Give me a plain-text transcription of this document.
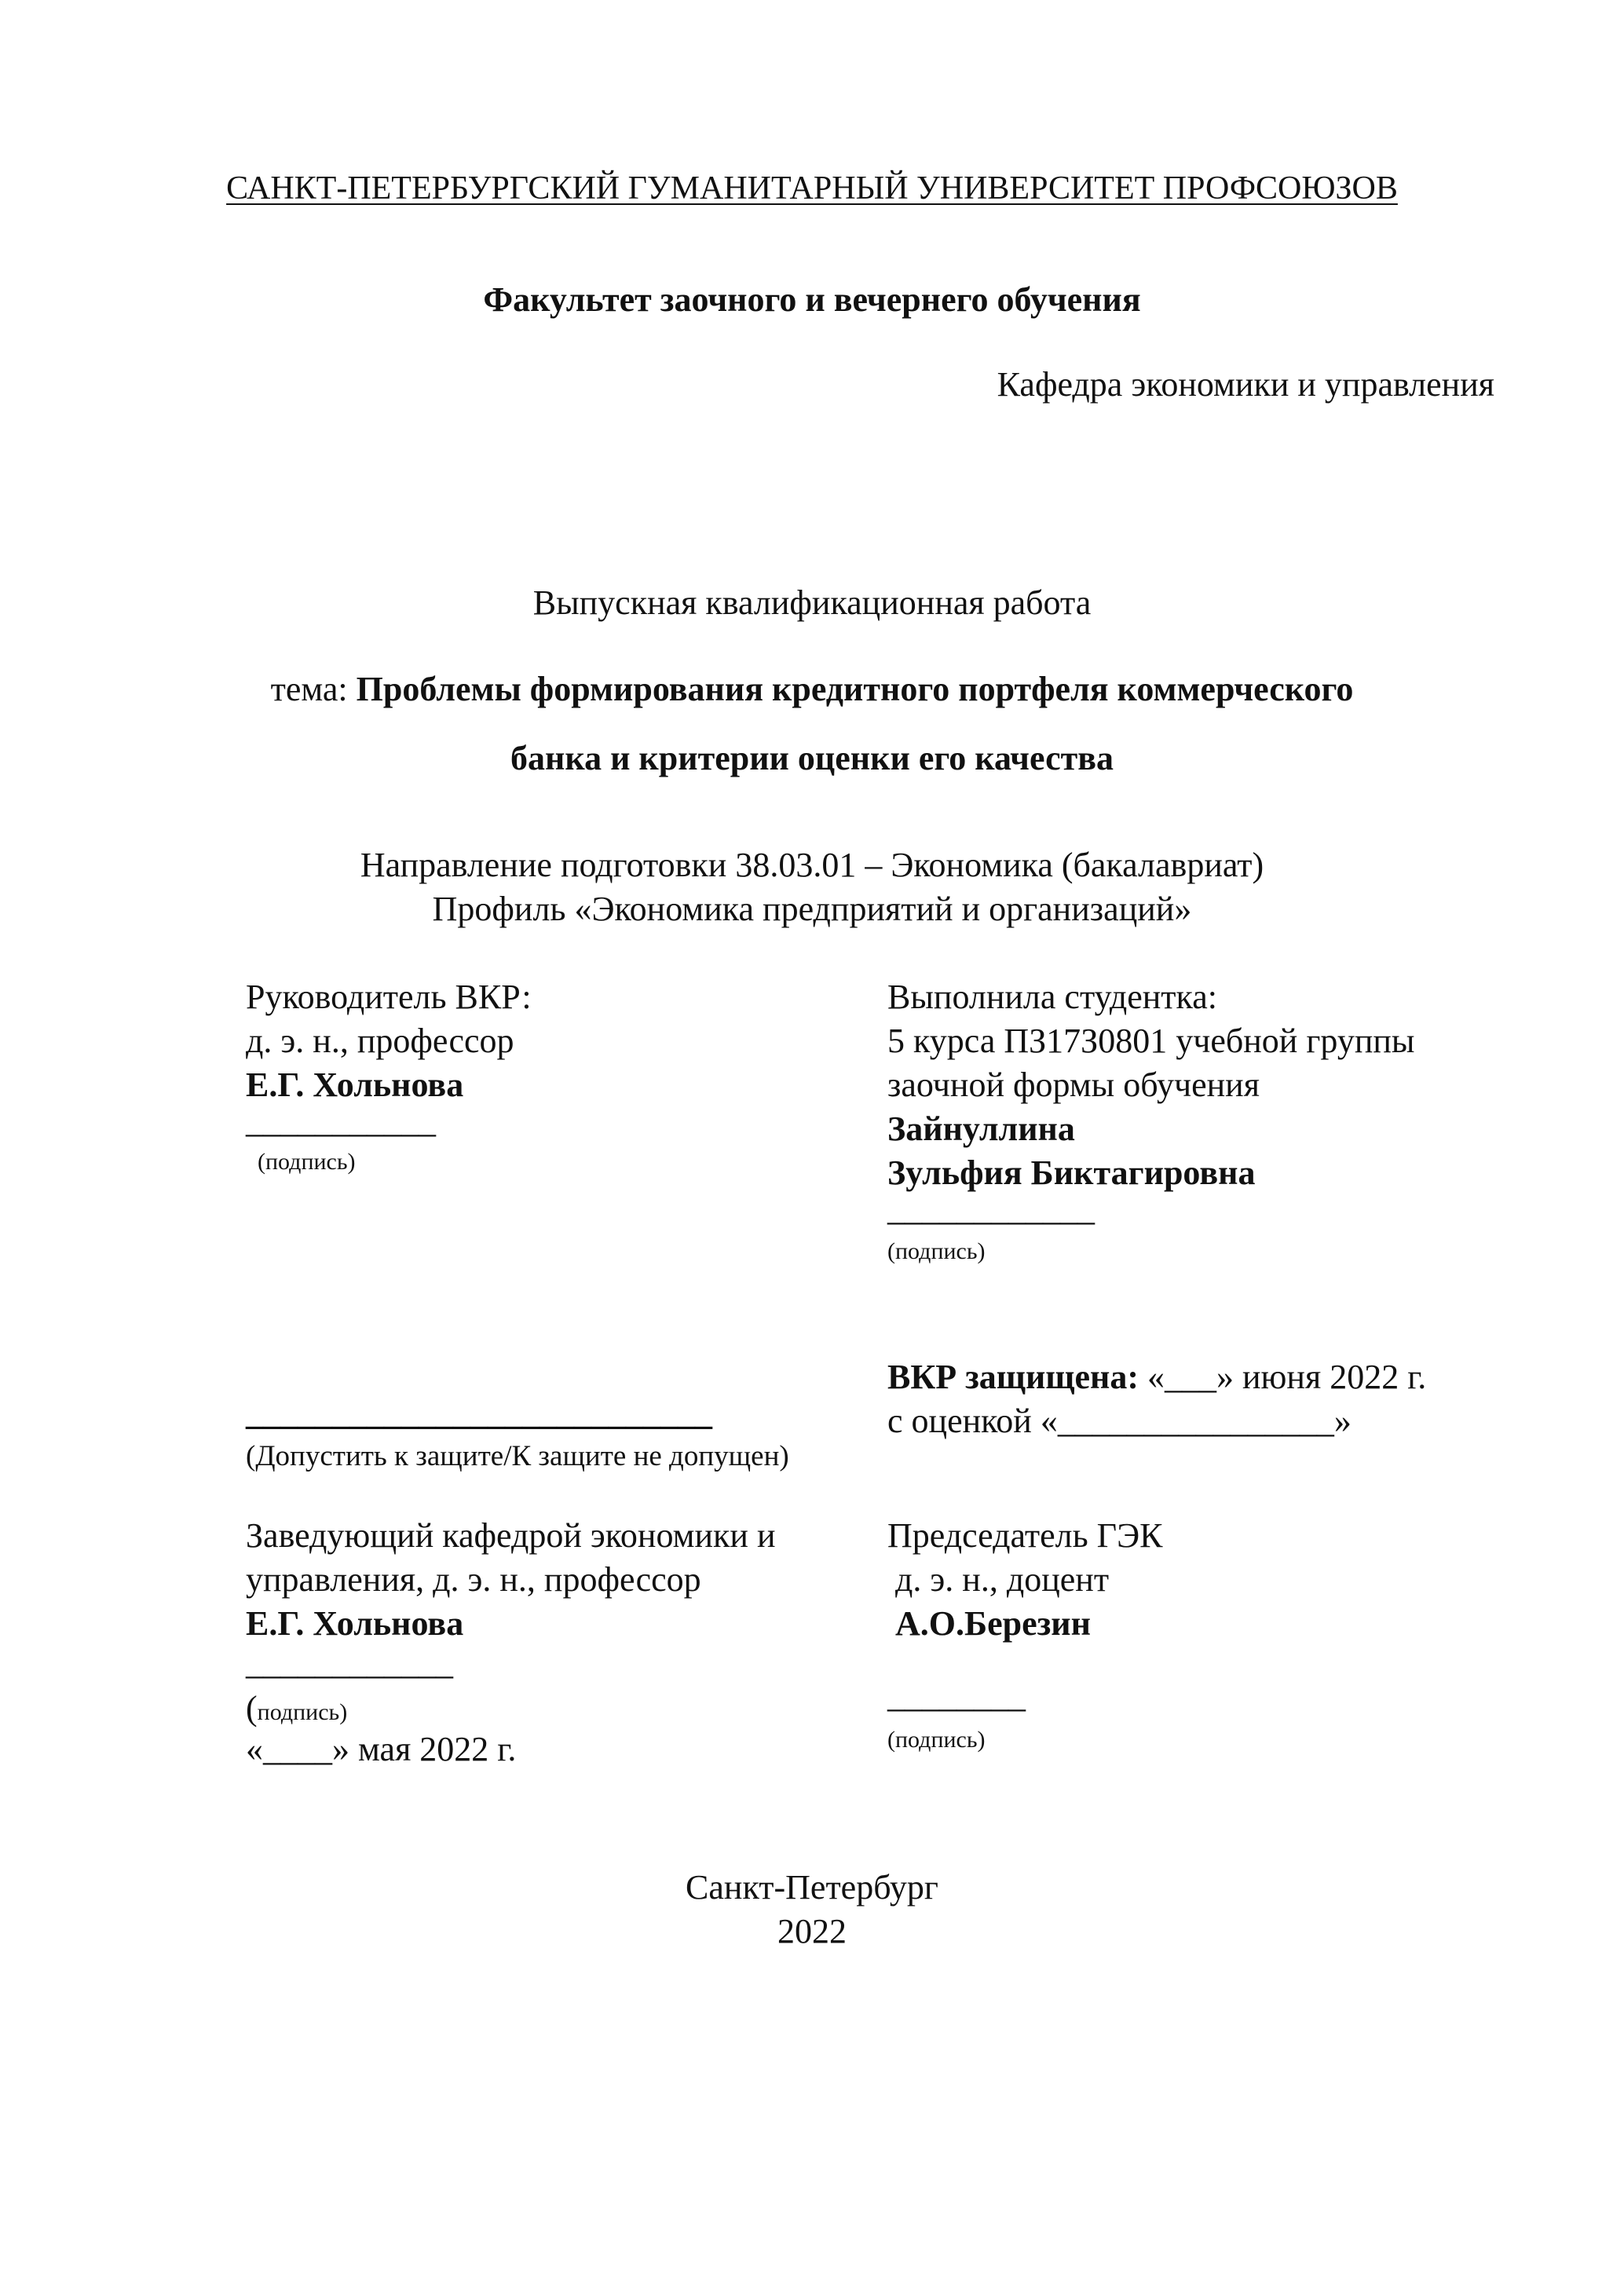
САНКТ-ПЕТЕРБУРГСКИЙ ГУМАНИТАРНЫЙ УНИВЕРСИТЕТ ПРОФСОЮЗОВ
Факультет заочного и вечернего обучения
Кафедра экономики и управления
Выпускная квалификационная работа
тема: Проблемы формирования кредитного портфеля коммерческого
банка и критерии оценки его качества
Направление подготовки 38.03.01 – Экономика (бакалавриат)
Профиль «Экономика предприятий и организаций»
Руководитель ВКР:
д. э. н., профессор
Е.Г. Хольнова
___________
(подпись)
Выполнила студентка:
5 курса ПЗ17З0801 учебной группы
заочной формы обучения
Зайнуллина
Зульфия Биктагировна
____________
(подпись)
ВКР защищена: «___» июня 2022 г.
с оценкой «________________»
___________________________
(Допустить к защите/К защите не допущен)
Заведующий кафедрой экономики и
управления, д. э. н., профессор
Е.Г. Хольнова
____________
(подпись)
«____» мая 2022 г.
Председатель ГЭК
д. э. н., доцент
А.О.Березин
________
(подпись)
Санкт-Петербург
2022
